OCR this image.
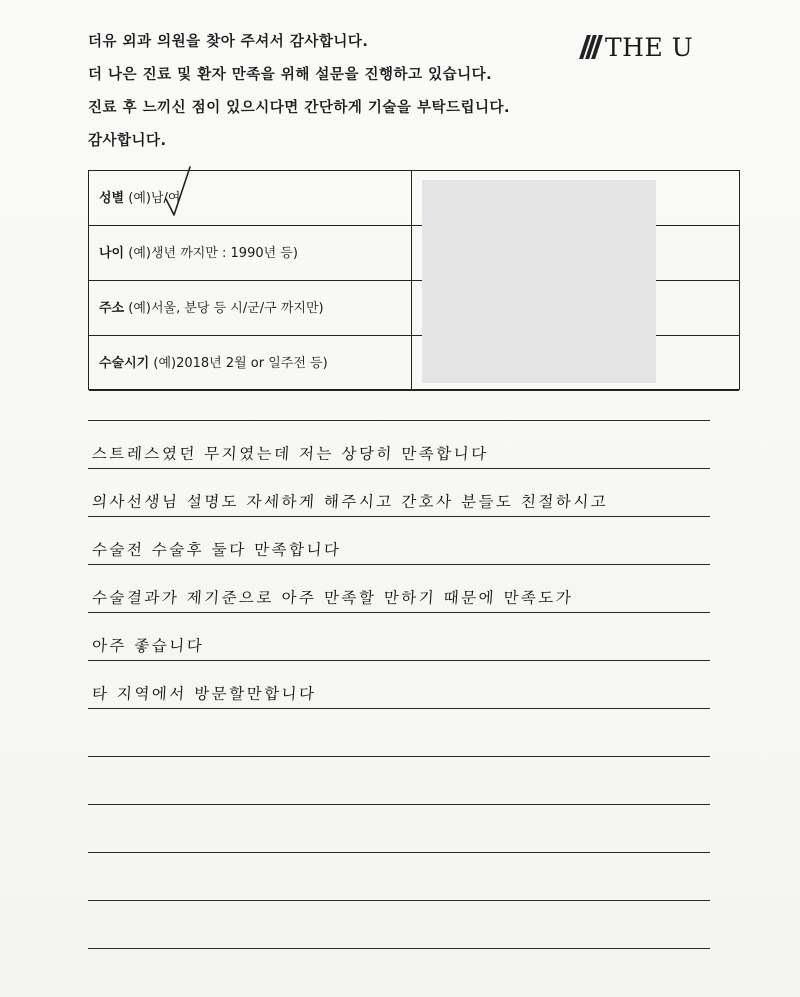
더유 외과 의원을 찾아 주셔서 감사합니다.
더 나은 진료 및 환자 만족을 위해 설문을 진행하고 있습니다.
진료 후 느끼신 점이 있으시다면 간단하게 기술을 부탁드립니다.
감사합니다.
THE U
성별 (예)남/여
나이 (예)생년 까지만 : 1990년 등)
주소 (예)서울, 분당 등 시/군/구 까지만)
수술시기 (예)2018년 2월 or 일주전 등)
스트레스였던 무지였는데 저는 상당히 만족합니다
의사선생님 설명도 자세하게 해주시고 간호사 분들도 친절하시고
수술전 수술후 둘다 만족합니다
수술결과가 제기준으로 아주 만족할 만하기 때문에 만족도가
아주 좋습니다
타 지역에서 방문할만합니다
